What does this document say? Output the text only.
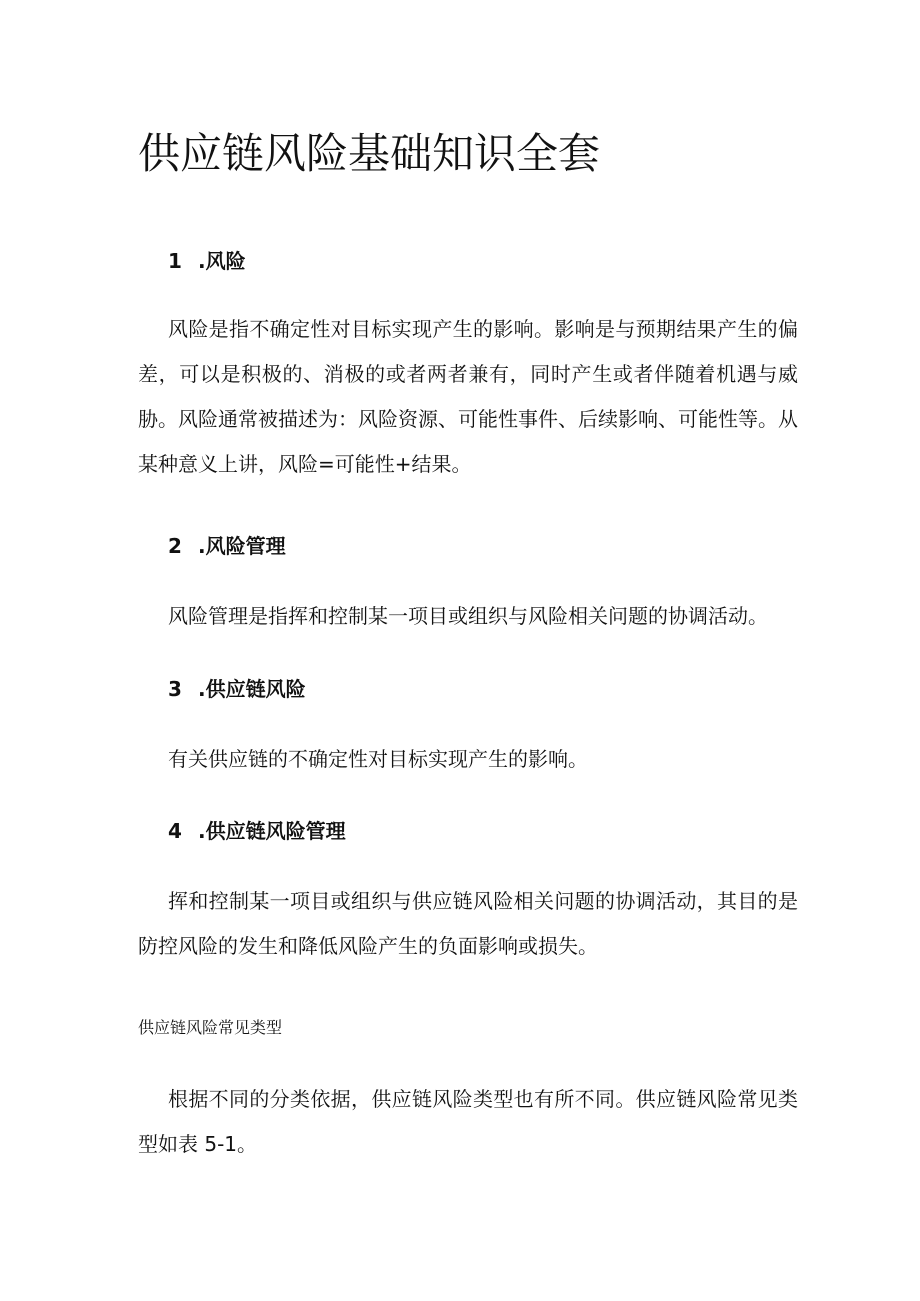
供应链风险基础知识全套
1 .风险

风险是指不确定性对目标实现产生的影响。影响是与预期结果产生的偏差，可以是积极的、消极的或者两者兼有，同时产生或者伴随着机遇与威胁。风险通常被描述为：风险资源、可能性事件、后续影响、可能性等。从某种意义上讲，风险=可能性+结果。

2 .风险管理

风险管理是指挥和控制某一项目或组织与风险相关问题的协调活动。

3 .供应链风险

有关供应链的不确定性对目标实现产生的影响。

4 .供应链风险管理

挥和控制某一项目或组织与供应链风险相关问题的协调活动，其目的是防控风险的发生和降低风险产生的负面影响或损失。

供应链风险常见类型

根据不同的分类依据，供应链风险类型也有所不同。供应链风险常见类型如表 5-1。
